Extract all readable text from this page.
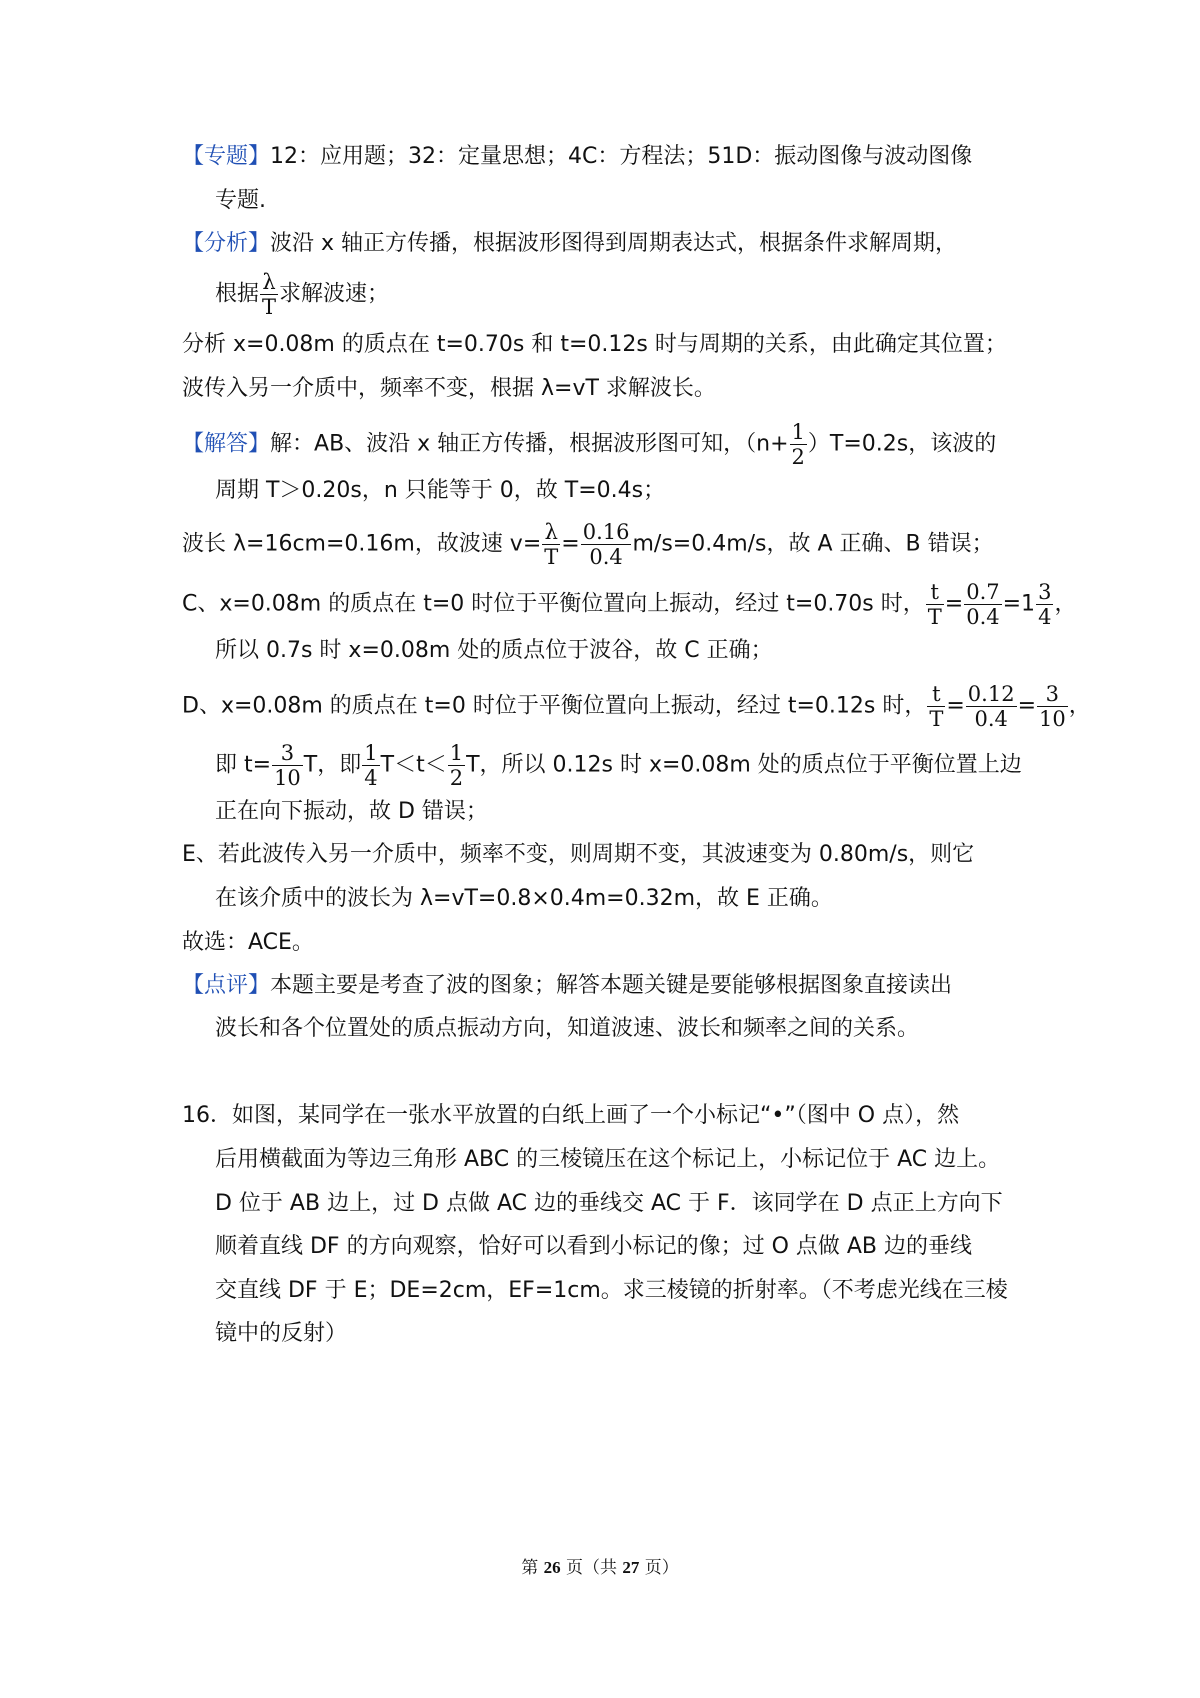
【专题】12：应用题；32：定量思想；4C：方程法；51D：振动图像与波动图像
专题.
【分析】波沿 x 轴正方传播，根据波形图得到周期表达式，根据条件求解周期，
根据 $\frac{\lambda}{T}$ 求解波速；
分析 x=0.08m 的质点在 t=0.70s 和 t=0.12s 时与周期的关系，由此确定其位置；
波传入另一介质中，频率不变，根据 λ=vT 求解波长。
【解答】解：AB、波沿 x 轴正方传播，根据波形图可知，$(n+ \frac{1}{2} )T=0.2s$，该波的
周期 T＞0.20s，n 只能等于 0，故 T=0.4s；
波长 λ=16cm=0.16m，故波速 $v= \frac{\lambda}{T} = \frac{0.16}{0.4} m/s=0.4m/s$，故 A 正确、B 错误；
C、x=0.08m 的质点在 t=0 时位于平衡位置向上振动，经过 t=0.70s 时， $\frac{t}{T} = \frac{0.7}{0.4} =1 \frac{3}{4}$ ，
所以 0.7s 时 x=0.08m 处的质点位于波谷，故 C 正确；
D、x=0.08m 的质点在 t=0 时位于平衡位置向上振动，经过 t=0.12s 时， $\frac{t}{T} = \frac{0.12}{0.4} = \frac{3}{10}$ ，
即 $t= \frac{3}{10}$ T，即 $\frac{1}{4} T<t< \frac{1}{2}$ T，所以 0.12s 时 x=0.08m 处的质点位于平衡位置上边
正在向下振动，故 D 错误；
E、若此波传入另一介质中，频率不变，则周期不变，其波速变为 0.80m/s，则它
在该介质中的波长为 λ=vT=0.8×0.4m=0.32m，故 E 正确。
故选：ACE。
【点评】本题主要是考查了波的图象；解答本题关键是要能够根据图象直接读出
波长和各个位置处的质点振动方向，知道波速、波长和频率之间的关系。
16．如图，某同学在一张水平放置的白纸上画了一个小标记“•”（图中 O 点），然
后用横截面为等边三角形 ABC 的三棱镜压在这个标记上，小标记位于 AC 边上。
D 位于 AB 边上，过 D 点做 AC 边的垂线交 AC 于 F．该同学在 D 点正上方向下
顺着直线 DF 的方向观察，恰好可以看到小标记的像；过 O 点做 AB 边的垂线
交直线 DF 于 E；DE=2cm，EF=1cm。求三棱镜的折射率。（不考虑光线在三棱
镜中的反射）
第 26 页（共 27 页）
